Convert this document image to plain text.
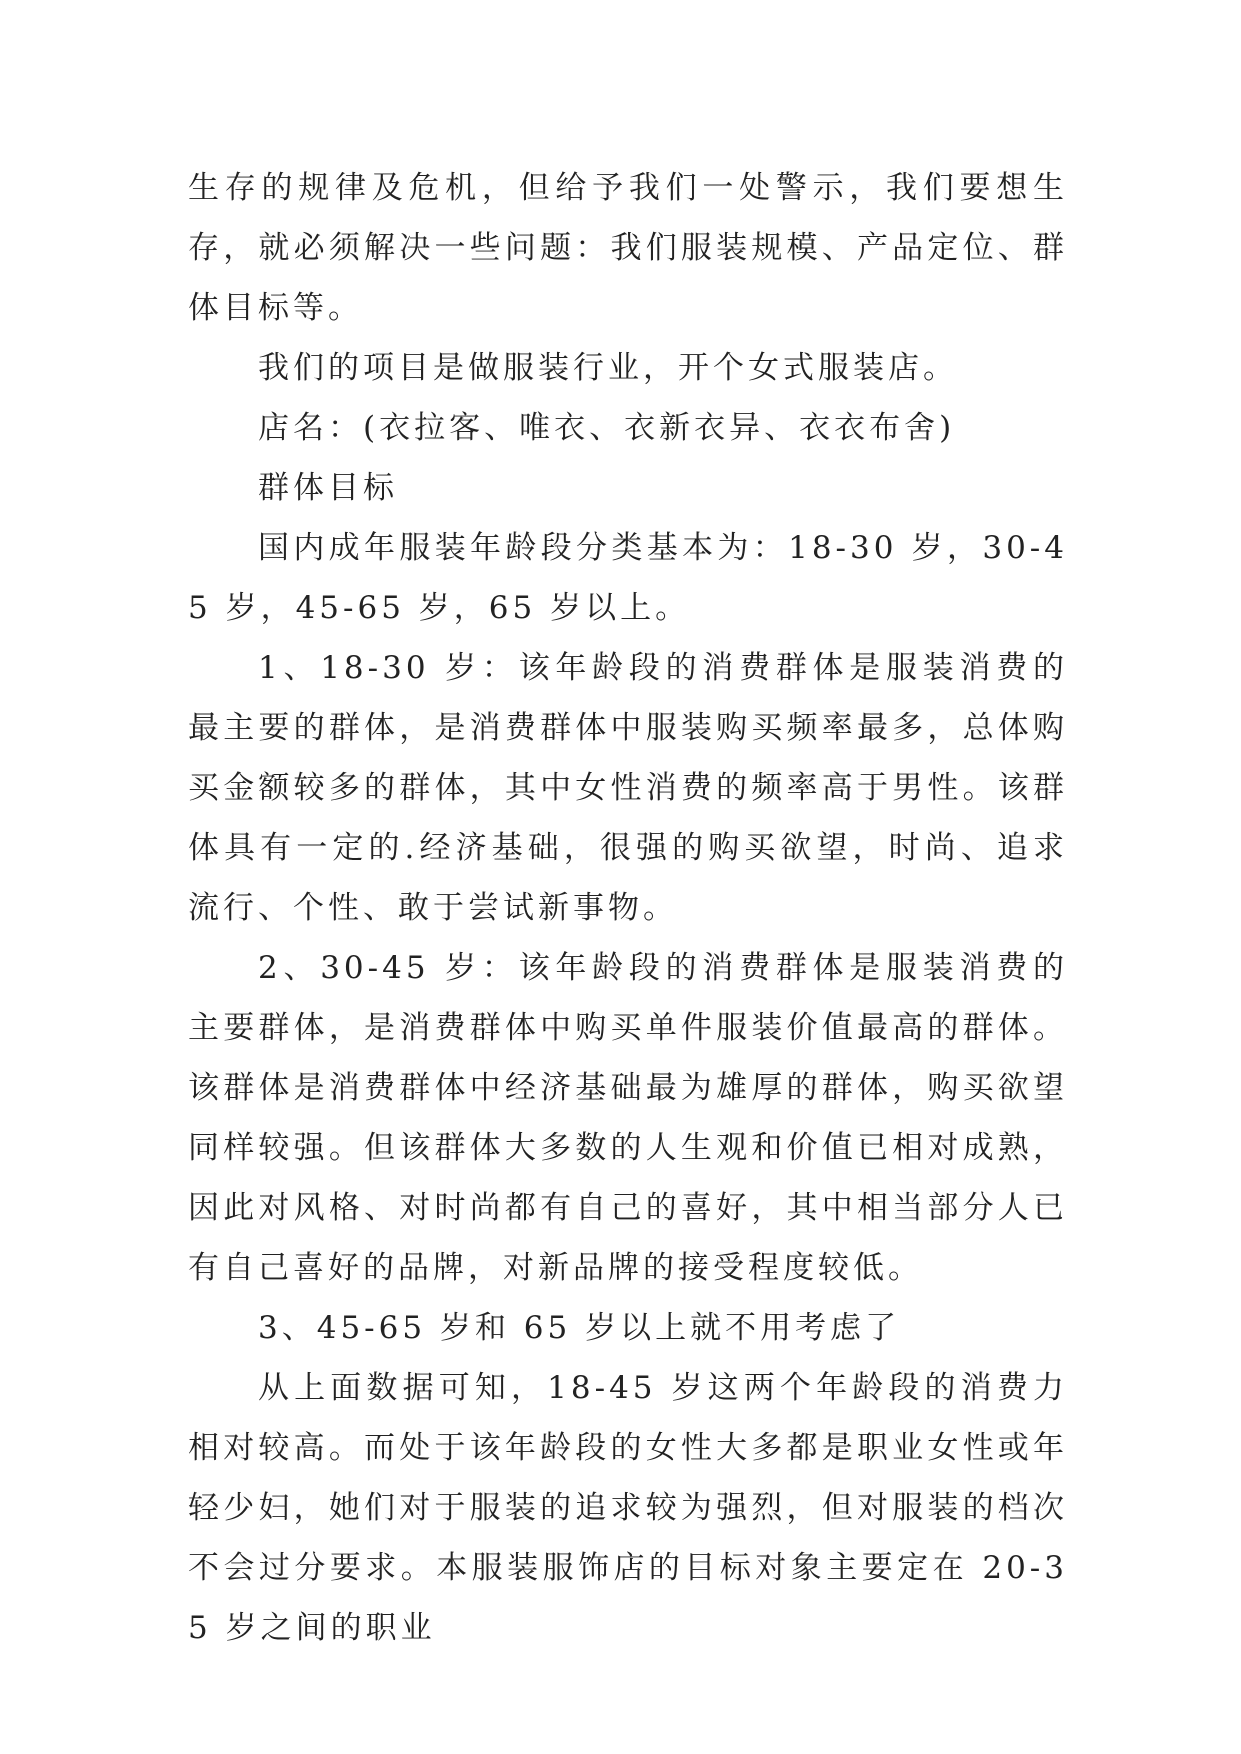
生存的规律及危机，但给予我们一处警示，我们要想生存，就必须解决一些问题：我们服装规模、产品定位、群体目标等。

我们的项目是做服装行业，开个女式服装店。

店名：(衣拉客、唯衣、衣新衣异、衣衣布舍)

群体目标

国内成年服装年龄段分类基本为：18-30 岁，30-45 岁，45-65 岁，65 岁以上。

1、18-30 岁：该年龄段的消费群体是服装消费的最主要的群体，是消费群体中服装购买频率最多，总体购买金额较多的群体，其中女性消费的频率高于男性。该群体具有一定的.经济基础，很强的购买欲望，时尚、追求流行、个性、敢于尝试新事物。

2、30-45 岁：该年龄段的消费群体是服装消费的主要群体，是消费群体中购买单件服装价值最高的群体。该群体是消费群体中经济基础最为雄厚的群体，购买欲望同样较强。但该群体大多数的人生观和价值已相对成熟，因此对风格、对时尚都有自己的喜好，其中相当部分人已有自己喜好的品牌，对新品牌的接受程度较低。

3、45-65 岁和 65 岁以上就不用考虑了

从上面数据可知，18-45 岁这两个年龄段的消费力相对较高。而处于该年龄段的女性大多都是职业女性或年轻少妇，她们对于服装的追求较为强烈，但对服装的档次不会过分要求。本服装服饰店的目标对象主要定在 20-35 岁之间的职业
